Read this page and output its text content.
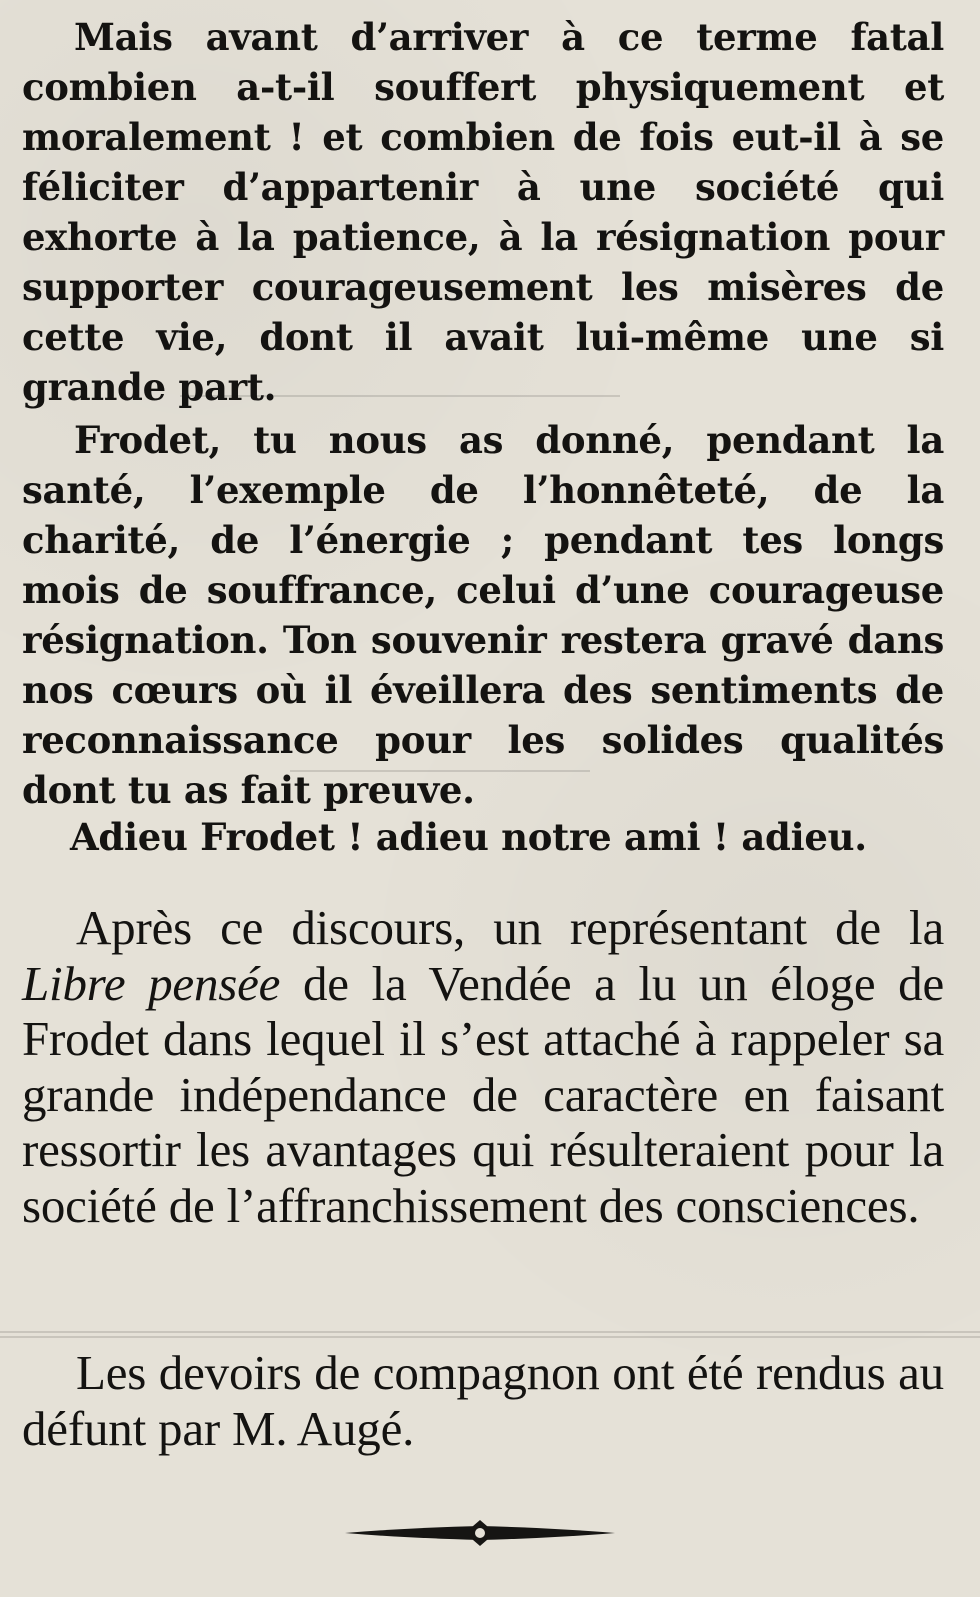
Mais avant d’arriver à ce terme fatal combien a-t-il souffert physiquement et moralement ! et combien de fois eut-il à se féliciter d’appartenir à une société qui exhorte à la patience, à la résignation pour supporter courageusement les misères de cette vie, dont il avait lui-même une si grande part.

Frodet, tu nous as donné, pendant la santé, l’exemple de l’honnêteté, de la charité, de l’énergie ; pendant tes longs mois de souffrance, celui d’une courageuse résignation. Ton souvenir restera gravé dans nos cœurs où il éveillera des sentiments de reconnaissance pour les solides qualités dont tu as fait preuve.

Adieu Frodet ! adieu notre ami ! adieu.

Après ce discours, un représentant de la Libre pensée de la Vendée a lu un éloge de Frodet dans lequel il s’est attaché à rappeler sa grande indépendance de caractère en faisant ressortir les avantages qui résulteraient pour la société de l’affranchissement des consciences.

Les devoirs de compagnon ont été rendus au défunt par M. Augé.
